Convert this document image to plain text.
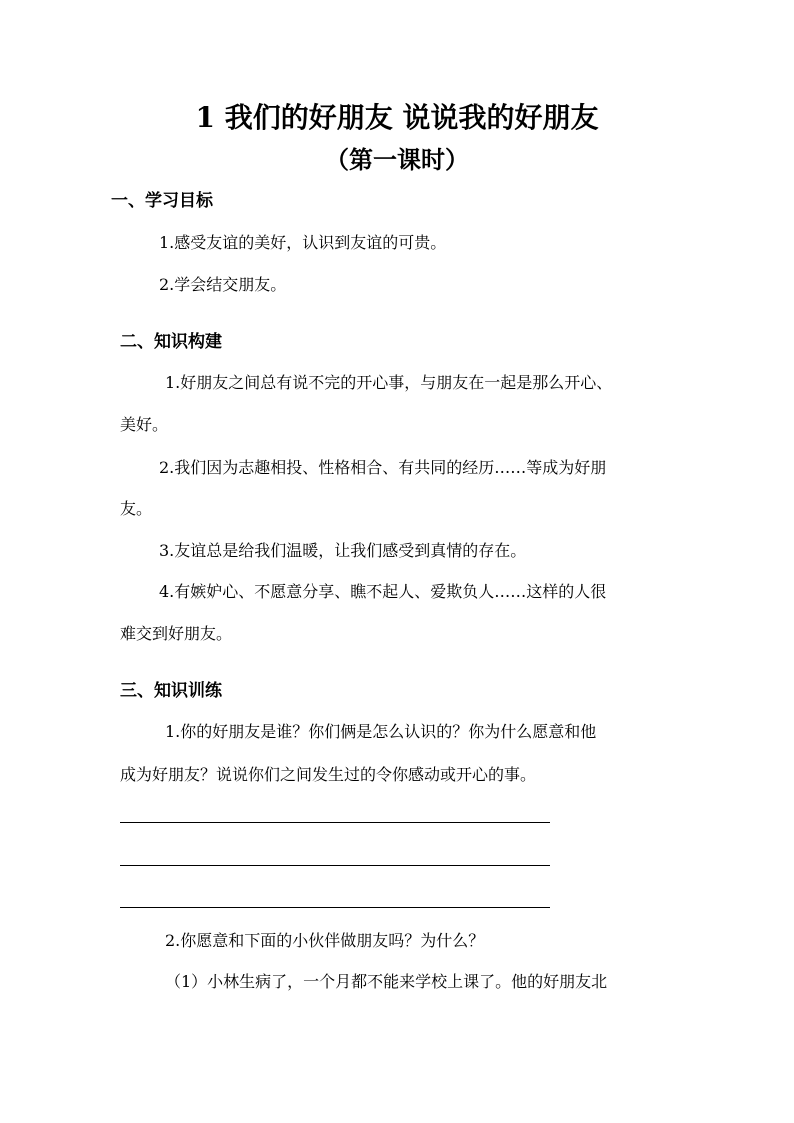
1 我们的好朋友 说说我的好朋友
（第一课时）
一、学习目标
1.感受友谊的美好，认识到友谊的可贵。
2.学会结交朋友。
二、知识构建
1.好朋友之间总有说不完的开心事，与朋友在一起是那么开心、
美好。
2.我们因为志趣相投、性格相合、有共同的经历……等成为好朋
友。
3.友谊总是给我们温暖，让我们感受到真情的存在。
4.有嫉妒心、不愿意分享、瞧不起人、爱欺负人……这样的人很
难交到好朋友。
三、知识训练
1.你的好朋友是谁？你们俩是怎么认识的？你为什么愿意和他
成为好朋友？说说你们之间发生过的令你感动或开心的事。
2.你愿意和下面的小伙伴做朋友吗？为什么？
（1）小林生病了，一个月都不能来学校上课了。他的好朋友北
